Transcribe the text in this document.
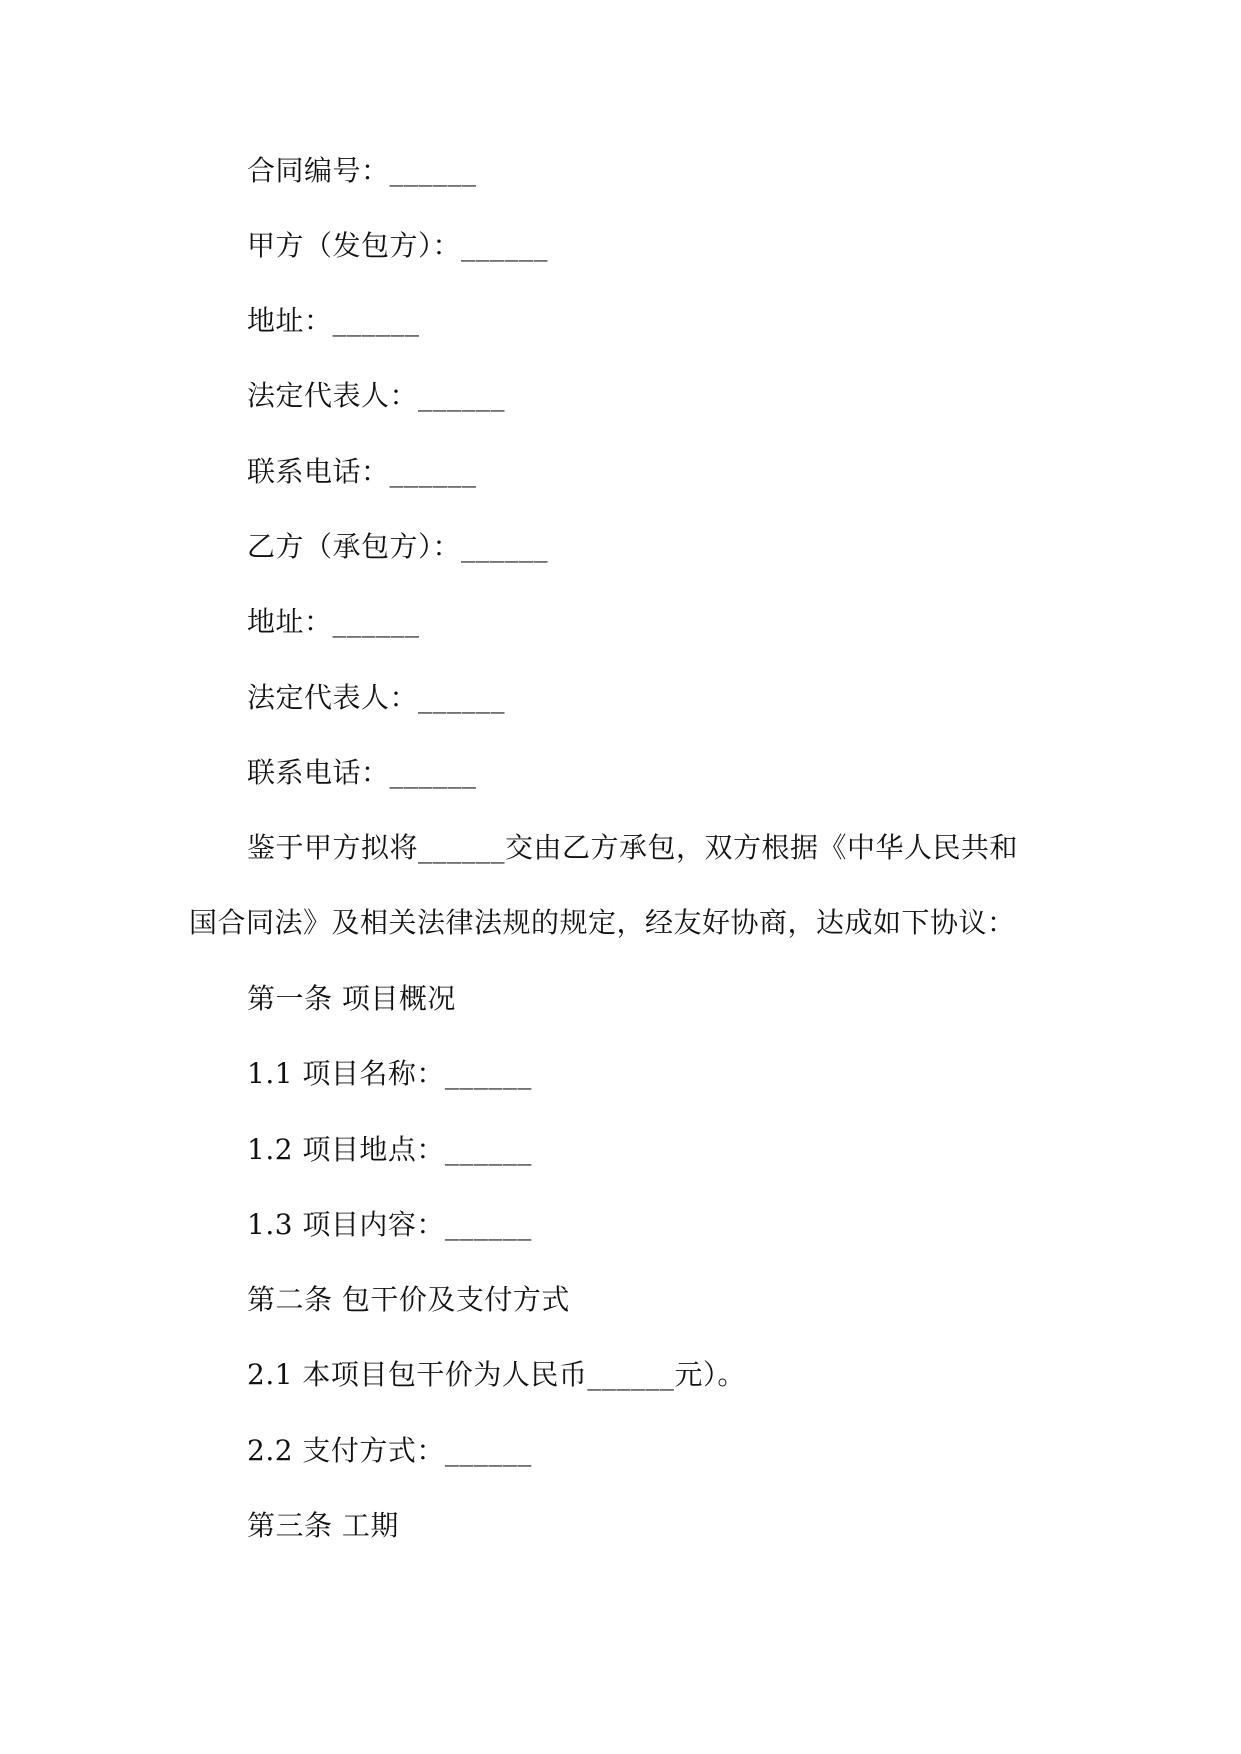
合同编号：______
甲方（发包方）：______
地址：______
法定代表人：______
联系电话：______
乙方（承包方）：______
地址：______
法定代表人：______
联系电话：______
鉴于甲方拟将______交由乙方承包，双方根据《中华人民共和
国合同法》及相关法律法规的规定，经友好协商，达成如下协议：
第一条 项目概况
1.1 项目名称：______
1.2 项目地点：______
1.3 项目内容：______
第二条 包干价及支付方式
2.1 本项目包干价为人民币______元）。
2.2 支付方式：______
第三条 工期
